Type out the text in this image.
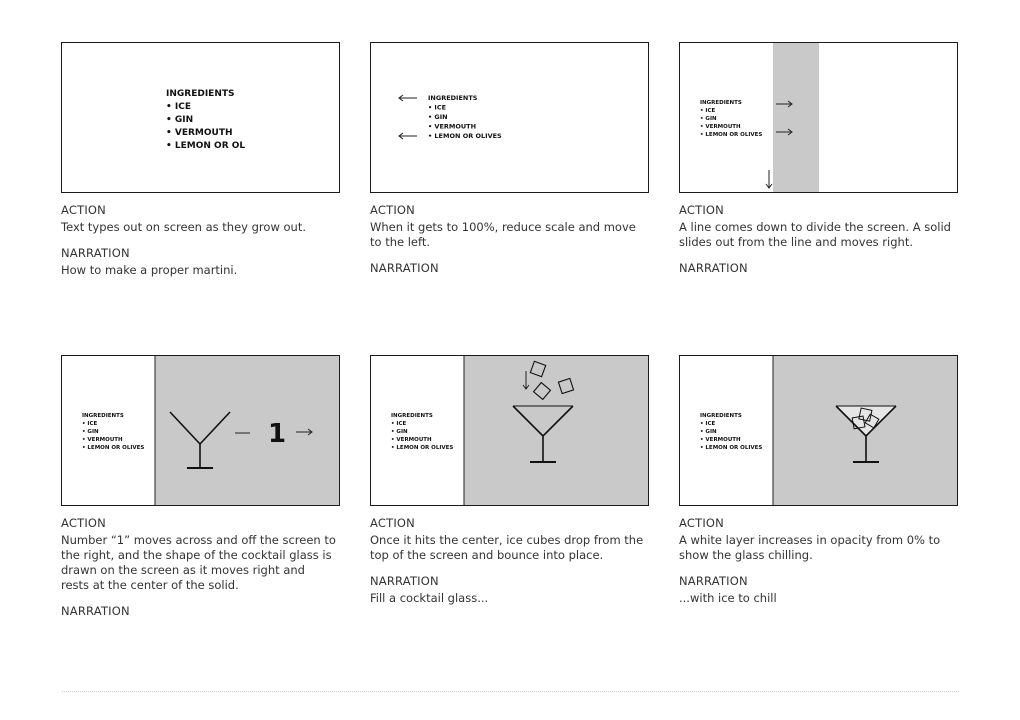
INGREDIENTS
• ICE
• GIN
• VERMOUTH
• LEMON OR OL
ACTION
Text types out on screen as they grow out.
NARRATION
How to make a proper martini.
INGREDIENTS
• ICE
• GIN
• VERMOUTH
• LEMON OR OLIVES
ACTION
When it gets to 100%, reduce scale and move to the left.
NARRATION
INGREDIENTS
• ICE
• GIN
• VERMOUTH
• LEMON OR OLIVES
ACTION
A line comes down to divide the screen. A solid slides out from the line and moves right.
NARRATION
INGREDIENTS
• ICE
• GIN
• VERMOUTH
• LEMON OR OLIVES	1
ACTION
Number “1” moves across and off the screen to the right, and the shape of the cocktail glass is drawn on the screen as it moves right and rests at the center of the solid.
NARRATION
INGREDIENTS
• ICE
• GIN
• VERMOUTH
• LEMON OR OLIVES
ACTION
Once it hits the center, ice cubes drop from the top of the screen and bounce into place.
NARRATION
Fill a cocktail glass...
INGREDIENTS
• ICE
• GIN
• VERMOUTH
• LEMON OR OLIVES
ACTION
A white layer increases in opacity from 0% to show the glass chilling.
NARRATION
...with ice to chill
